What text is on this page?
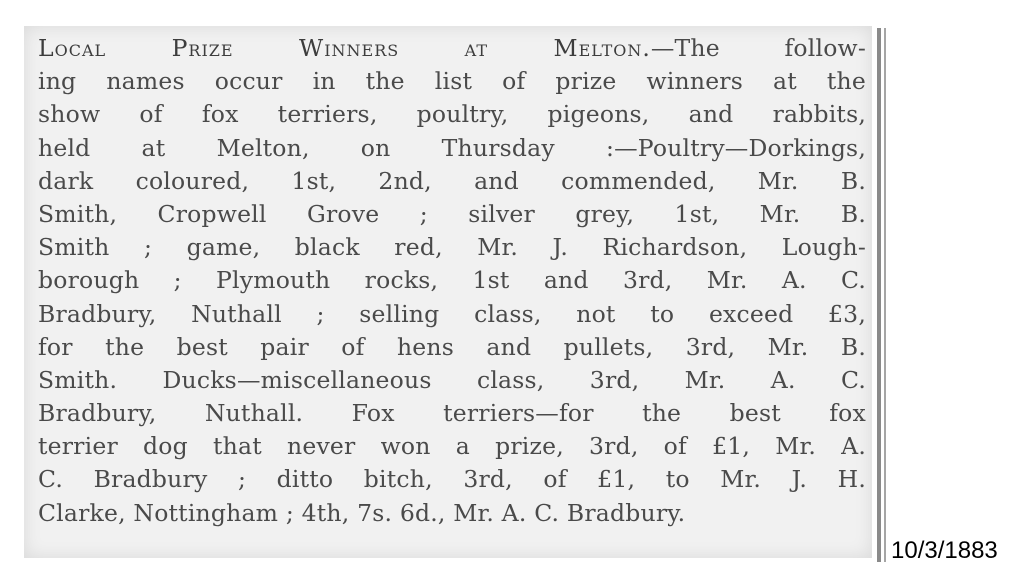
Local Prize Winners at Melton.—The follow-
ing names occur in the list of prize winners at the
show of fox terriers, poultry, pigeons, and rabbits,
held at Melton, on Thursday :—Poultry—Dorkings,
dark coloured, 1st, 2nd, and commended, Mr. B.
Smith, Cropwell Grove ; silver grey, 1st, Mr. B.
Smith ; game, black red, Mr. J. Richardson, Lough-
borough ; Plymouth rocks, 1st and 3rd, Mr. A. C.
Bradbury, Nuthall ; selling class, not to exceed £3,
for the best pair of hens and pullets, 3rd, Mr. B.
Smith. Ducks—miscellaneous class, 3rd, Mr. A. C.
Bradbury, Nuthall. Fox terriers—for the best fox
terrier dog that never won a prize, 3rd, of £1, Mr. A.
C. Bradbury ; ditto bitch, 3rd, of £1, to Mr. J. H.
Clarke, Nottingham ; 4th, 7s. 6d., Mr. A. C. Bradbury.
10/3/1883
